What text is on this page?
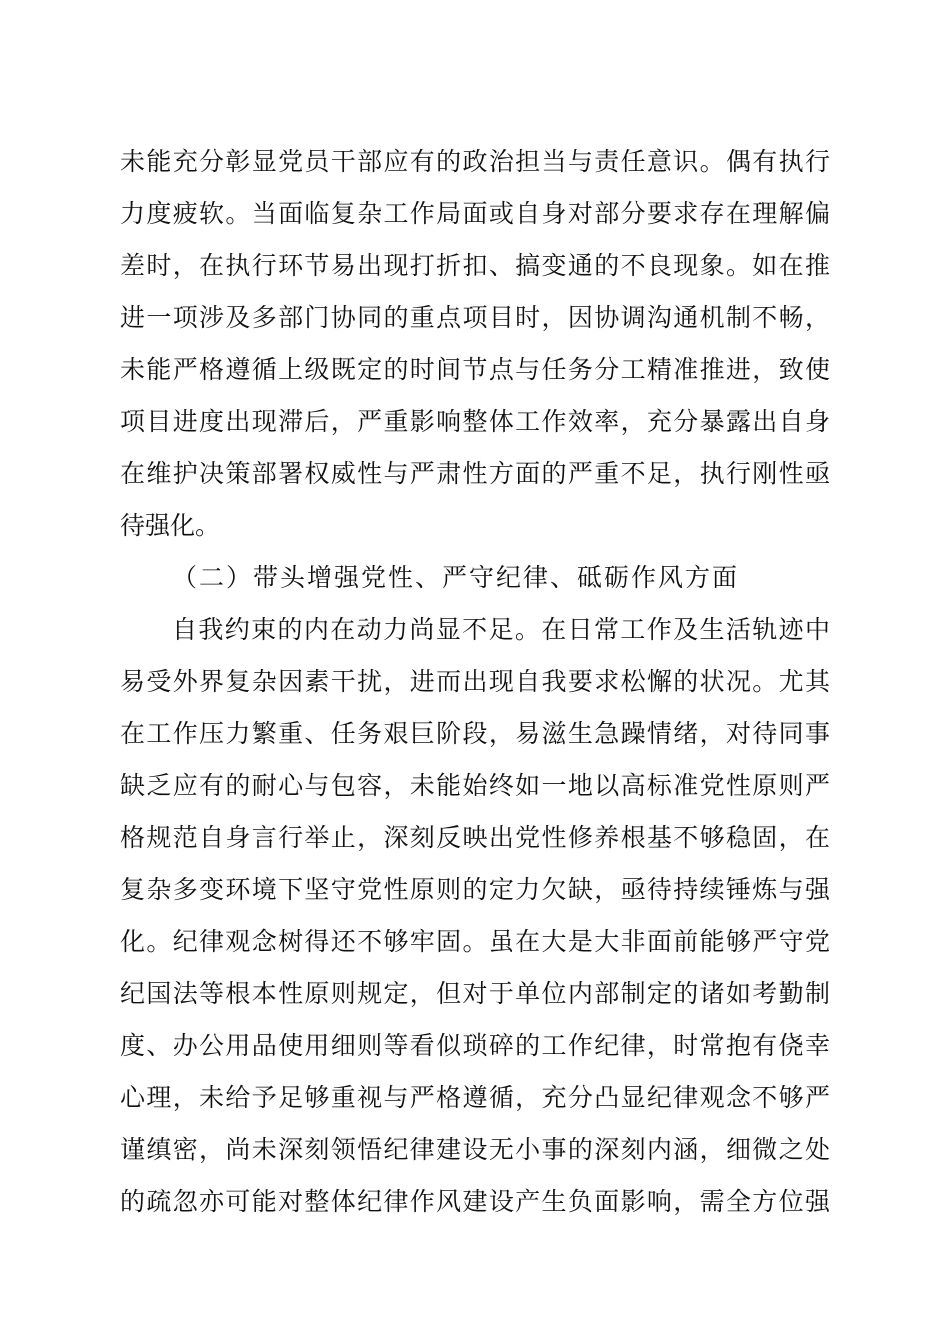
未能充分彰显党员干部应有的政治担当与责任意识。偶有执行
力度疲软。当面临复杂工作局面或自身对部分要求存在理解偏
差时，在执行环节易出现打折扣、搞变通的不良现象。如在推
进一项涉及多部门协同的重点项目时，因协调沟通机制不畅，
未能严格遵循上级既定的时间节点与任务分工精准推进，致使
项目进度出现滞后，严重影响整体工作效率，充分暴露出自身
在维护决策部署权威性与严肃性方面的严重不足，执行刚性亟
待强化。
（二）带头增强党性、严守纪律、砥砺作风方面
自我约束的内在动力尚显不足。在日常工作及生活轨迹中
易受外界复杂因素干扰，进而出现自我要求松懈的状况。尤其
在工作压力繁重、任务艰巨阶段，易滋生急躁情绪，对待同事
缺乏应有的耐心与包容，未能始终如一地以高标准党性原则严
格规范自身言行举止，深刻反映出党性修养根基不够稳固，在
复杂多变环境下坚守党性原则的定力欠缺，亟待持续锤炼与强
化。纪律观念树得还不够牢固。虽在大是大非面前能够严守党
纪国法等根本性原则规定，但对于单位内部制定的诸如考勤制
度、办公用品使用细则等看似琐碎的工作纪律，时常抱有侥幸
心理，未给予足够重视与严格遵循，充分凸显纪律观念不够严
谨缜密，尚未深刻领悟纪律建设无小事的深刻内涵，细微之处
的疏忽亦可能对整体纪律作风建设产生负面影响，需全方位强
